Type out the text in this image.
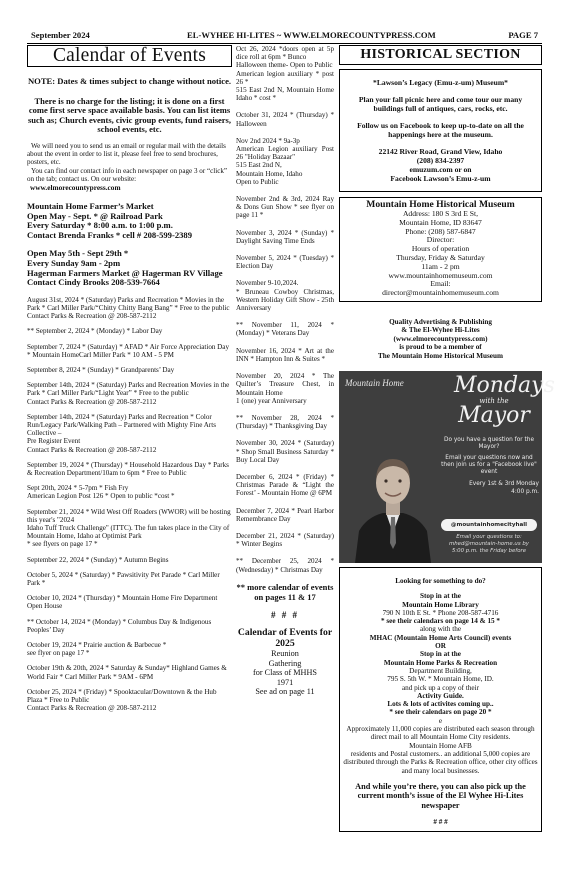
September 2024	EL-WYHEE HI-LITES ~ WWW.ELMORECOUNTYPRESS.COM	PAGE 7
Calendar of Events

NOTE: Dates & times subject to change without notice.

There is no charge for the listing; it is done on a first come first serve space available basis. You can list items such as; Church events, civic group events, fund raisers, school events, etc.

We will need you to send us an email or regular mail with the details about the event in order to list it, please feel free to send brochures, posters, etc.

You can find our contact info in each newspaper on page 3 or “click” on the tab; contact us. On our website:

www.elmorecountypress.com

Mountain Home Farmer’s Market

Open May - Sept. * @ Railroad Park

Every Saturday * 8:00 a.m. to 1:00 p.m.

Contact Brenda Franks * cell # 208-599-2389

Open May 5th - Sept 29th *

Every Sunday 9am - 2pm

Hagerman Farmers Market @ Hagerman RV Village

Contact Cindy Brooks 208-539-7664

August 31st, 2024 * (Saturday) Parks and Recreation * Movies in the Park * Carl Miller Park/“Chitty Chitty Bang Bang” * Free to the public

Contact Parks & Recreation @ 208-587-2112

** September 2, 2024 * (Monday) * Labor Day

September 7, 2024 * (Saturday) * AFAD * Air Force Appreciation Day * Mountain HomeCarl Miller Park * 10 AM - 5 PM

September 8, 2024 * (Sunday) * Grandparents’ Day

September 14th, 2024 * (Saturday) Parks and Recreation Movies in the Park * Carl Miller Park/“Light Year” * Free to the public

Contact Parks & Recreation @ 208-587-2112

September 14th, 2024 * (Saturday) Parks and Recreation * Color Run/Legacy Park/Walking Path – Partnered with Mighty Fine Arts Collective –

Pre Register Event

Contact Parks & Recreation @ 208-587-2112

September 19, 2024 * (Thursday) * Household Hazardous Day * Parks & Recreation Department/10am to 6pm * Free to Public

Sept 20th, 2024 * 5-7pm * Fish Fry

American Legion Post 126 * Open to public *cost *

September 21, 2024 * Wild West Off Roaders (WWOR) will be hosting this year's "2024

Idaho Tuff Truck Challenge" (ITTC). The fun takes place in the City of Mountain Home, Idaho at Optimist Park

* see flyers on page 17 *

September 22, 2024 * (Sunday) * Autumn Begins

October 5, 2024 * (Saturday) * Pawsitivity Pet Parade * Carl Miller Park *

October 10, 2024 * (Thursday) * Mountain Home Fire Department Open House

** October 14, 2024 * (Monday) * Columbus Day & Indigenous Peoples’ Day

October 19, 2024 * Prairie auction & Barbecue *

see flyer on page 17 *

October 19th & 20th, 2024 * Saturday & Sunday* Highland Games & World Fair * Carl Miller Park * 9AM - 6PM

October 25, 2024 * (Friday) * Spooktacular/Downtown & the Hub Plaza * Free to Public

Contact Parks & Recreation @ 208-587-2112

Oct 26, 2024 *doors open at 5p dice roll at 6pm * Bunco

Halloween theme- Open to Public

American legion auxiliary * post 26 *

515 East 2nd N, Mountain Home Idaho * cost *

October 31, 2024 * (Thursday) * Halloween

Nov 2nd 2024 * 9a-3p

American Legion auxiliary Post 26 "Holiday Bazaar"

515 East 2nd N,

Mountain Home, Idaho

Open to Public

November 2nd & 3rd, 2024 Ray & Dons Gun Show * see flyer on page 11 *

November 3, 2024 * (Sunday) * Daylight Saving Time Ends

November 5, 2024 * (Tuesday) * Election Day

November 9-10,2024.

* Bruneau Cowboy Christmas, Western Holiday Gift Show - 25th Anniversary

** November 11, 2024 * (Monday) * Veterans Day

November 16, 2024 * Art at the INN * Hampton Inn & Suites *

November 20, 2024 * The Quilter’s Treasure Chest, in Mountain Home

1 (one) year Anniversary

** November 28, 2024 * (Thursday) * Thanksgiving Day

November 30, 2024 * (Saturday) * Shop Small Business Saturday * Buy Local Day

December 6, 2024 * (Friday) * Christmas Parade & “Light the Forest’ - Mountain Home @ 6PM

December 7, 2024 * Pearl Harbor Remembrance Day

December 21, 2024 * (Saturday) * Winter Begins

** December 25, 2024 * (Wednesday) * Christmas Day

** more calendar of events on pages 11 & 17

# # #

Calendar of Events for 2025

Reunion

Gathering

for Class of MHHS

1971

See ad on page 11

HISTORICAL SECTION

*Lawson’s Legacy (Emu-z-um) Museum*

Plan your fall picnic here and come tour our many buildings full of antiques, cars, rocks, etc.

Follow us on Facebook to keep up-to-date on all the happenings here at the museum.

22142 River Road, Grand View, Idaho

(208) 834-2397

emuzum.com or on

Facebook Lawson’s Emu-z-um

Mountain Home Historical Museum

Address: 180 S 3rd E St,

Mountain Home, ID 83647

Phone: (208) 587-6847

Director:

Hours of operation

Thursday, Friday & Saturday

11am - 2 pm

www.mountainhomemuseum.com

Email:

director@mountainhomemuseum.com

Quality Advertising & Publishing

& The El-Wyhee Hi-Lites

(www.elmorecountypress.com)

is proud to be a member of

The Mountain Home Historical Museum

Mountain Home Mondays
with the
Mayor
Do you have a question for the Mayor?
Email your questions now and then join us for a "Facebook live" event
Every 1st & 3rd Monday
4:00 p.m.
@mountainhomecityhall
Email your questions to:
mhed@mountain-home.us by
5:00 p.m. the Friday before

Looking for something to do?

Stop in at the

Mountain Home Library

790 N 10th E St. * Phone 208-587-4716

* see their calendars on page 14 & 15 *

along with the

MHAC (Mountain Home Arts Council) events

OR

Stop in at the

Mountain Home Parks & Recreation

Department Building,

795 S. 5th W. * Mountain Home, ID.

and pick up a copy of their

Activity Guide.

Lots & lots of activites coming up..

* see their calendars on page 20 *

e

Approximately 11,000 copies are distributed each season through direct mail to all Mountain Home City residents.

Mountain Home AFB

residents and Postal customers.. an additional 5,000 copies are distributed through the Parks & Recreation office, other city offices

and many local businesses.

And while you’re there, you can also pick up the current month’s issue of the El Wyhee Hi-Lites newspaper

# # #
